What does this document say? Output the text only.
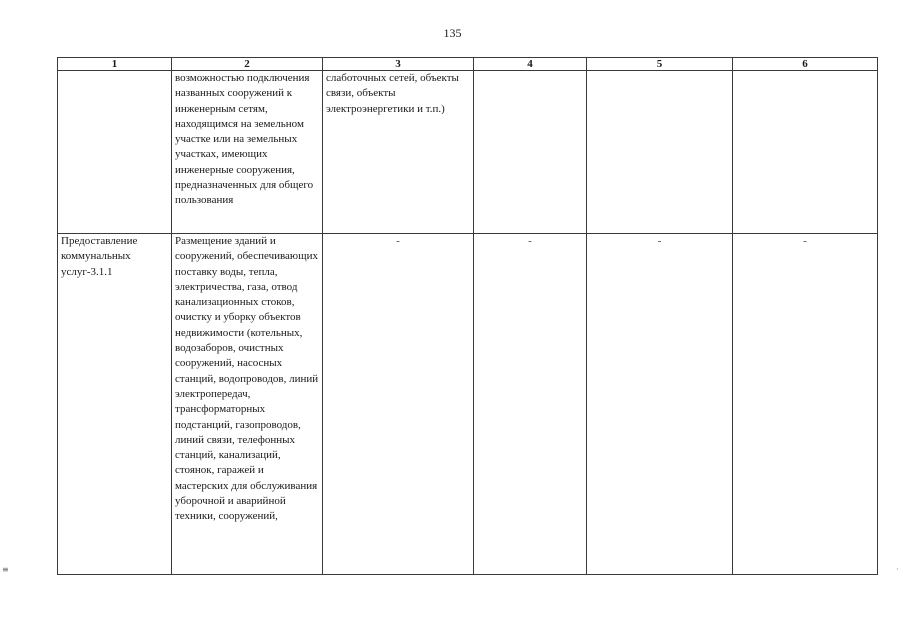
135
1	2	3	4	5	6

	возможностью подключения названных сооружений к инженерным сетям, находящимся на земельном участке или на земельных участках, имеющих инженерные сооружения, предназначенных для общего пользования	слаботочных сетей, объекты связи, объекты электроэнергетики и т.п.)			

Предоставление коммунальных услуг-3.1.1	Размещение зданий и сооружений, обеспечивающих поставку воды, тепла, электричества, газа, отвод канализационных стоков, очистку и уборку объектов недвижимости (котельных, водозаборов, очистных сооружений, насосных станций, водопроводов, линий электропередач, трансформаторных подстанций, газопроводов, линий связи, телефонных станций, канализаций, стоянок, гаражей и мастерских для обслуживания уборочной и аварийной техники, сооружений,	-	-	-	-
≡	·
